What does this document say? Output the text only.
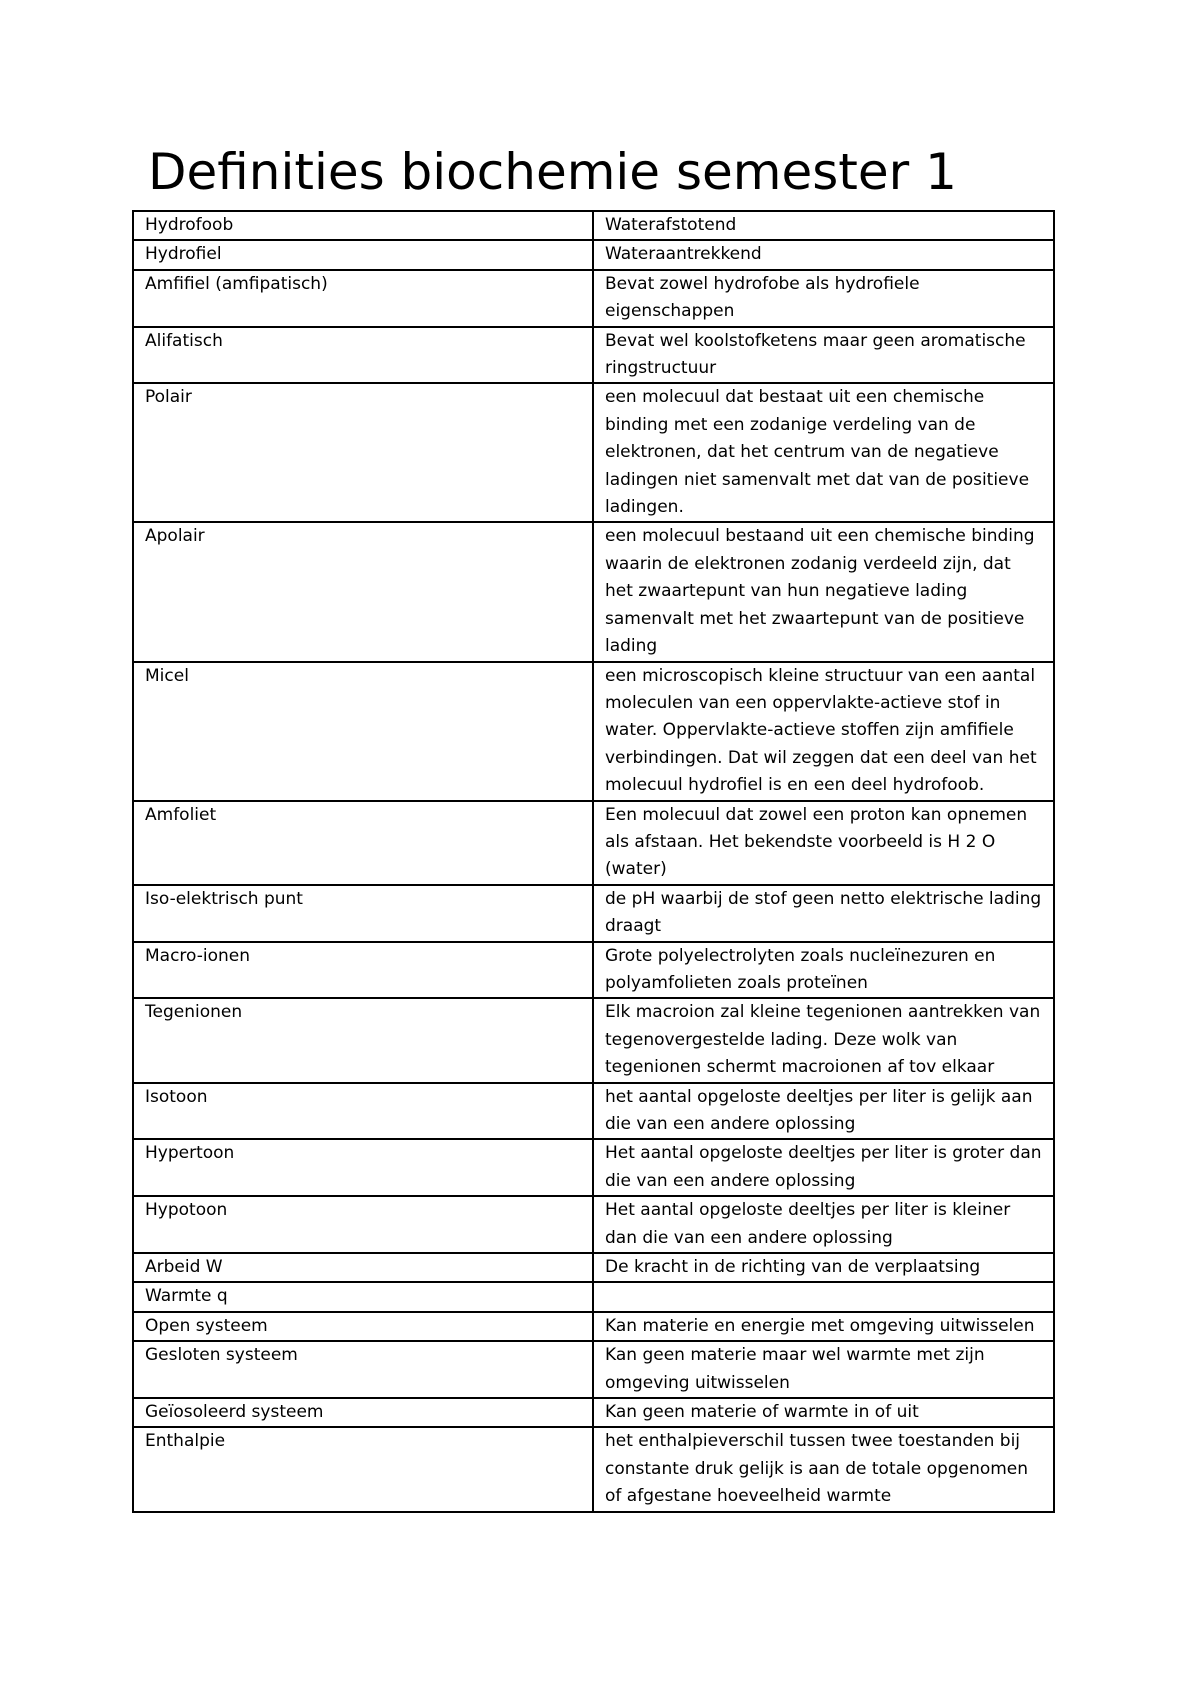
Definities biochemie semester 1
Hydrofoob	Waterafstotend
Hydrofiel	Wateraantrekkend
Amfifiel (amfipatisch)	Bevat zowel hydrofobe als hydrofiele eigenschappen
Alifatisch	Bevat wel koolstofketens maar geen aromatische ringstructuur
Polair	een molecuul dat bestaat uit een chemische binding met een zodanige verdeling van de elektronen, dat het centrum van de negatieve ladingen niet samenvalt met dat van de positieve ladingen.
Apolair	een molecuul bestaand uit een chemische binding waarin de elektronen zodanig verdeeld zijn, dat het zwaartepunt van hun negatieve lading samenvalt met het zwaartepunt van de positieve lading
Micel	een microscopisch kleine structuur van een aantal moleculen van een oppervlakte-actieve stof in water. Oppervlakte-actieve stoffen zijn amfifiele verbindingen. Dat wil zeggen dat een deel van het molecuul hydrofiel is en een deel hydrofoob.
Amfoliet	Een molecuul dat zowel een proton kan opnemen als afstaan. Het bekendste voorbeeld is H 2 O (water)
Iso-elektrisch punt	de pH waarbij de stof geen netto elektrische lading draagt
Macro-ionen	Grote polyelectrolyten zoals nucleïnezuren en polyamfolieten zoals proteïnen
Tegenionen	Elk macroion zal kleine tegenionen aantrekken van tegenovergestelde lading. Deze wolk van tegenionen schermt macroionen af tov elkaar
Isotoon	het aantal opgeloste deeltjes per liter is gelijk aan die van een andere oplossing
Hypertoon	Het aantal opgeloste deeltjes per liter is groter dan die van een andere oplossing
Hypotoon	Het aantal opgeloste deeltjes per liter is kleiner dan die van een andere oplossing
Arbeid W	De kracht in de richting van de verplaatsing
Warmte q	
Open systeem	Kan materie en energie met omgeving uitwisselen
Gesloten systeem	Kan geen materie maar wel warmte met zijn omgeving uitwisselen
Geïosoleerd systeem	Kan geen materie of warmte in of uit
Enthalpie	het enthalpieverschil tussen twee toestanden bij constante druk gelijk is aan de totale opgenomen of afgestane hoeveelheid warmte
